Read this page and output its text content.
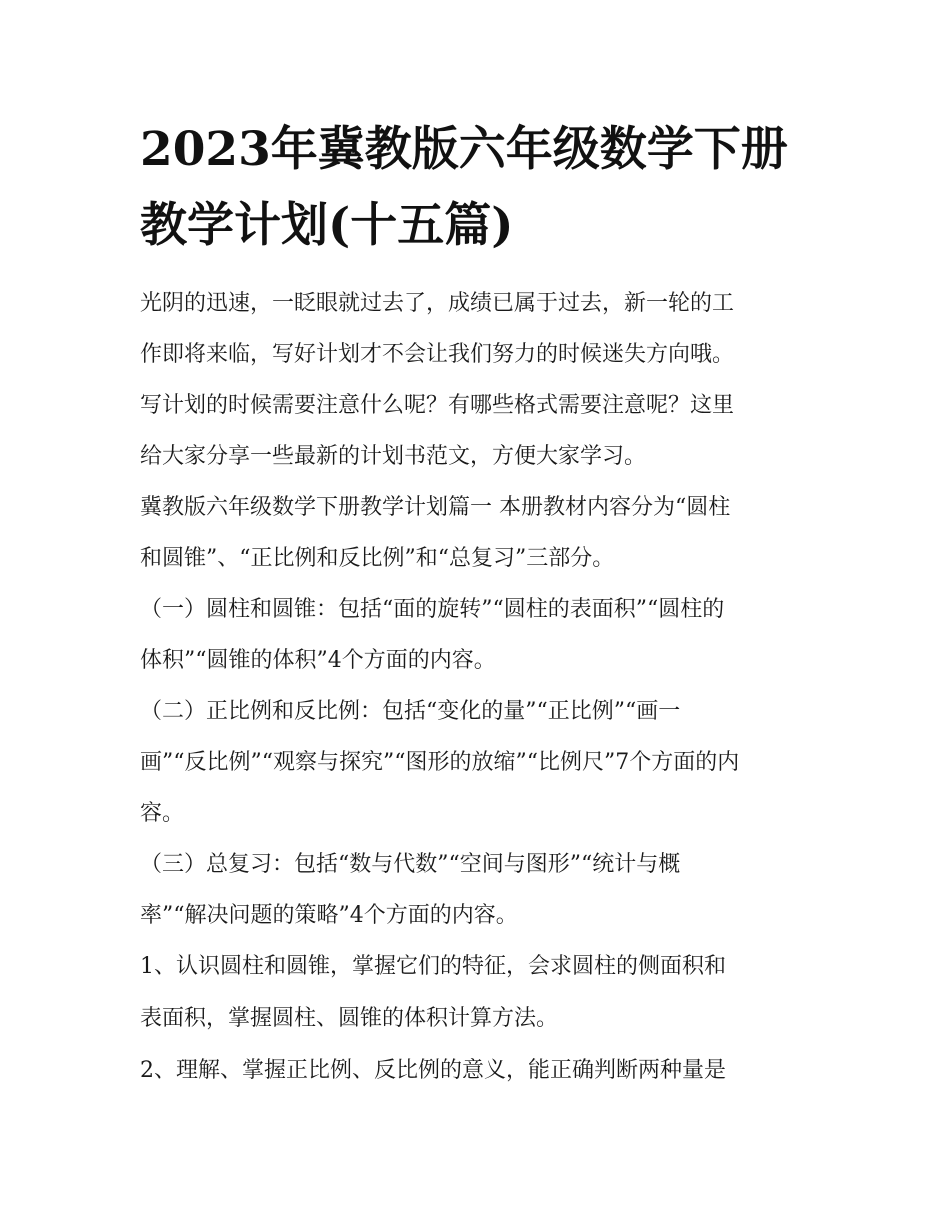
2023年冀教版六年级数学下册
教学计划(十五篇)
光阴的迅速，一眨眼就过去了，成绩已属于过去，新一轮的工
作即将来临，写好计划才不会让我们努力的时候迷失方向哦。
写计划的时候需要注意什么呢？有哪些格式需要注意呢？这里
给大家分享一些最新的计划书范文，方便大家学习。
冀教版六年级数学下册教学计划篇一 本册教材内容分为“圆柱
和圆锥”、“正比例和反比例”和“总复习”三部分。
（一）圆柱和圆锥：包括“面的旋转”“圆柱的表面积”“圆柱的
体积”“圆锥的体积”4个方面的内容。
（二）正比例和反比例：包括“变化的量”“正比例”“画一
画”“反比例”“观察与探究”“图形的放缩”“比例尺”7个方面的内
容。
（三）总复习：包括“数与代数”“空间与图形”“统计与概
率”“解决问题的策略”4个方面的内容。
1、认识圆柱和圆锥，掌握它们的特征，会求圆柱的侧面积和
表面积，掌握圆柱、圆锥的体积计算方法。
2、理解、掌握正比例、反比例的意义，能正确判断两种量是
